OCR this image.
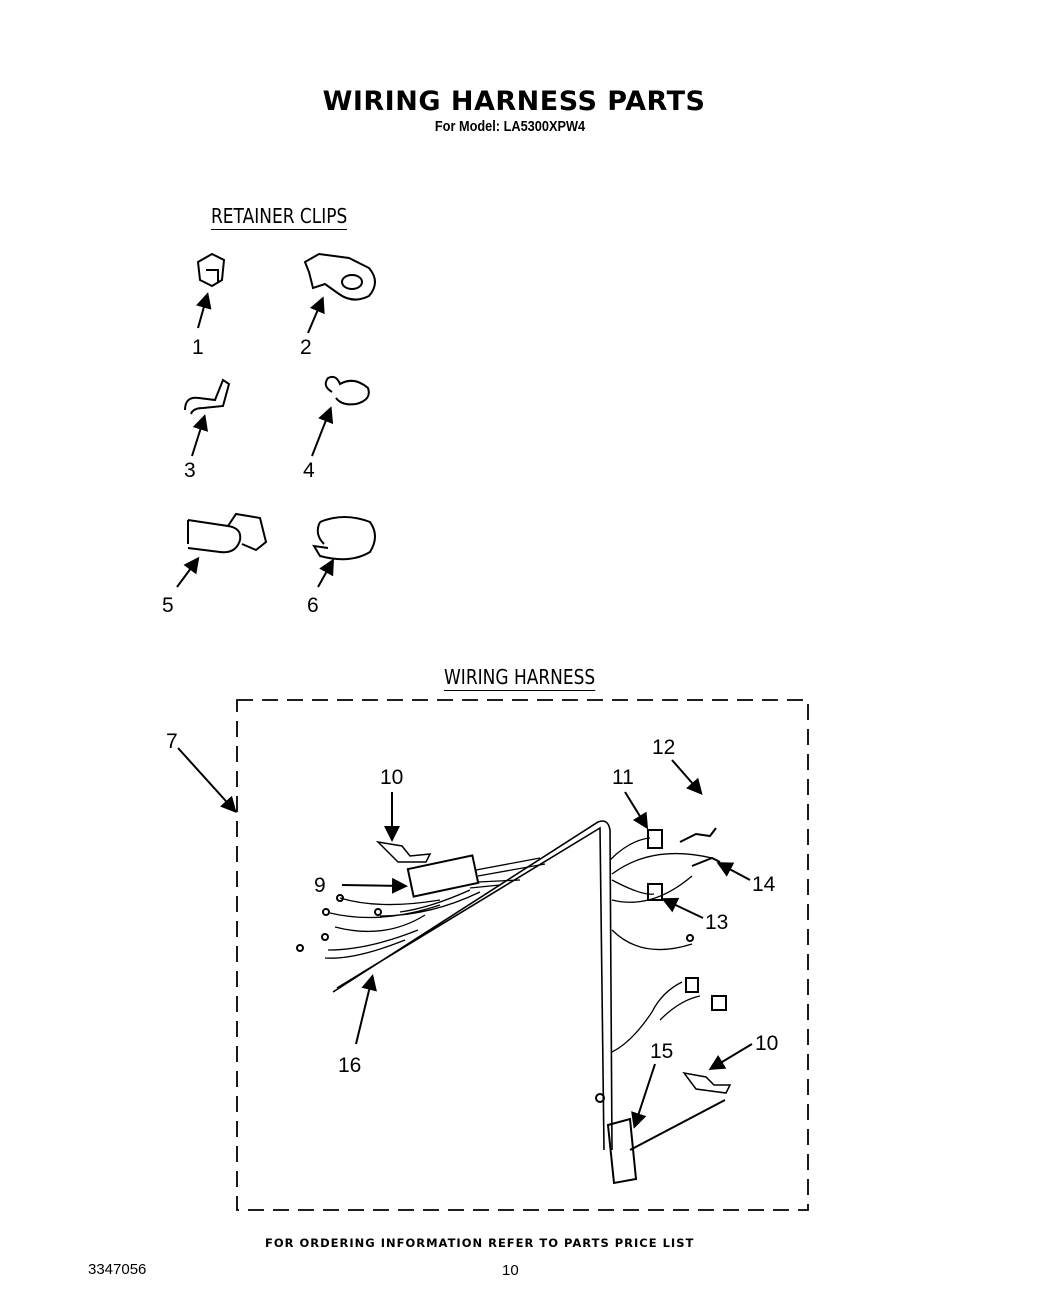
WIRING HARNESS PARTS
For Model: LA5300XPW4
RETAINER CLIPS
WIRING HARNESS
1	2
3	4
5	6
7
10
9
11
12
14
13
16
15	10
FOR ORDERING INFORMATION REFER TO PARTS PRICE LIST
3347056	10
